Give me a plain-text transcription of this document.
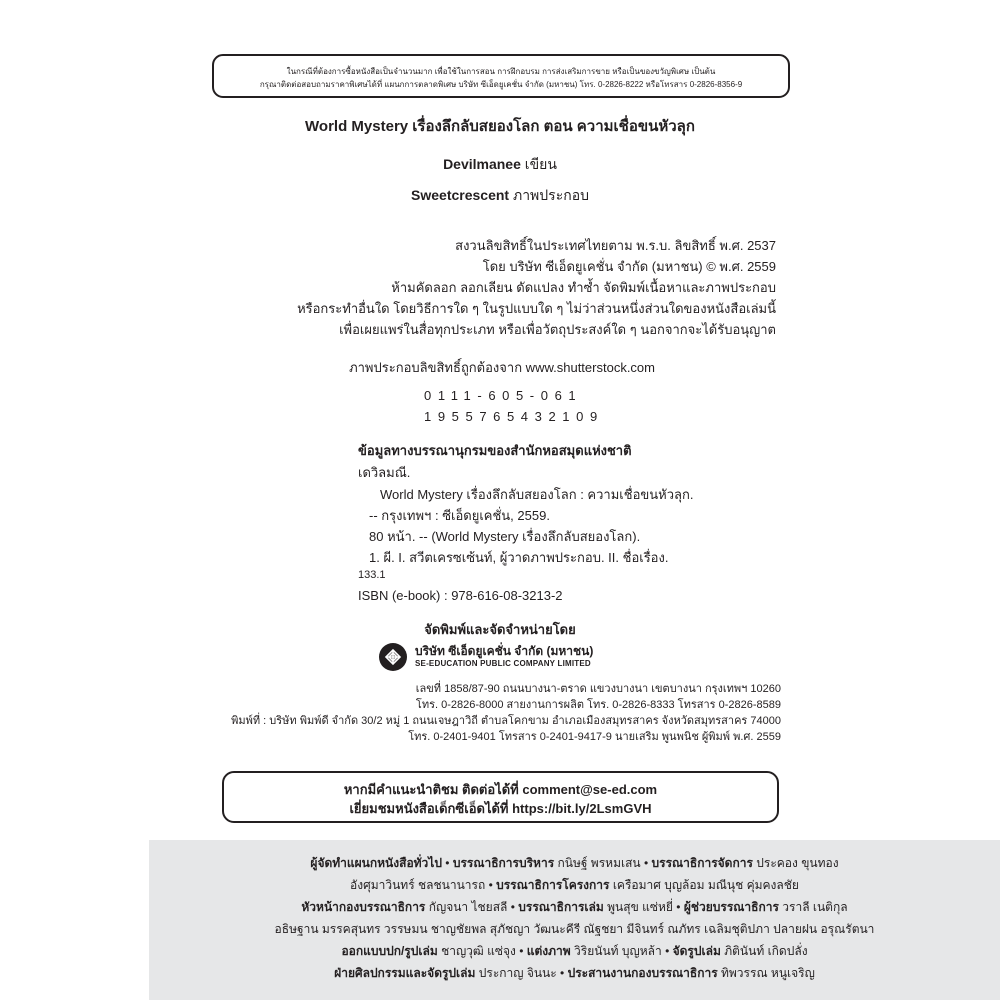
ในกรณีที่ต้องการซื้อหนังสือเป็นจำนวนมาก เพื่อใช้ในการสอน การฝึกอบรม การส่งเสริมการขาย หรือเป็นของขวัญพิเศษ เป็นต้น
กรุณาติดต่อสอบถามราคาพิเศษได้ที่ แผนกการตลาดพิเศษ บริษัท ซีเอ็ดยูเคชั่น จำกัด (มหาชน) โทร. 0-2826-8222 หรือโทรสาร 0-2826-8356-9
World Mystery เรื่องลึกลับสยองโลก ตอน ความเชื่อขนหัวลุก
Devilmanee เขียน
Sweetcrescent ภาพประกอบ
สงวนลิขสิทธิ์ในประเทศไทยตาม พ.ร.บ. ลิขสิทธิ์ พ.ศ. 2537
โดย บริษัท ซีเอ็ดยูเคชั่น จำกัด (มหาชน) © พ.ศ. 2559
ห้ามคัดลอก ลอกเลียน ดัดแปลง ทำซ้ำ จัดพิมพ์เนื้อหาและภาพประกอบ
หรือกระทำอื่นใด โดยวิธีการใด ๆ ในรูปแบบใด ๆ ไม่ว่าส่วนหนึ่งส่วนใดของหนังสือเล่มนี้
เพื่อเผยแพร่ในสื่อทุกประเภท หรือเพื่อวัตถุประสงค์ใด ๆ นอกจากจะได้รับอนุญาต
ภาพประกอบลิขสิทธิ์ถูกต้องจาก www.shutterstock.com
0111-605-061
1955765432109
ข้อมูลทางบรรณานุกรมของสำนักหอสมุดแห่งชาติ
เดวิลมณี.
World Mystery เรื่องลึกลับสยองโลก : ความเชื่อขนหัวลุก.
-- กรุงเทพฯ : ซีเอ็ดยูเคชั่น, 2559.
80 หน้า. -- (World Mystery เรื่องลึกลับสยองโลก).
1. ผี. I. สวีตเครซเซ้นท์, ผู้วาดภาพประกอบ. II. ชื่อเรื่อง.
133.1
ISBN (e-book) : 978-616-08-3213-2
จัดพิมพ์และจัดจำหน่ายโดย
บริษัท ซีเอ็ดยูเคชั่น จำกัด (มหาชน)
SE-EDUCATION PUBLIC COMPANY LIMITED
เลขที่ 1858/87-90 ถนนบางนา-ตราด แขวงบางนา เขตบางนา กรุงเทพฯ 10260
โทร. 0-2826-8000 สายงานการผลิต โทร. 0-2826-8333 โทรสาร 0-2826-8589
พิมพ์ที่ : บริษัท พิมพ์ดี จำกัด 30/2 หมู่ 1 ถนนเจษฎาวิถี ตำบลโคกขาม อำเภอเมืองสมุทรสาคร จังหวัดสมุทรสาคร 74000
โทร. 0-2401-9401 โทรสาร 0-2401-9417-9 นายเสริม พูนพนิช ผู้พิมพ์ พ.ศ. 2559
หากมีคำแนะนำติชม ติดต่อได้ที่ comment@se-ed.com
เยี่ยมชมหนังสือเด็กซีเอ็ดได้ที่ https://bit.ly/2LsmGVH
ผู้จัดทำแผนกหนังสือทั่วไป • บรรณาธิการบริหาร กนิษฐ์ พรหมเสน • บรรณาธิการจัดการ ประคอง ขุนทอง
อังศุมาวินทร์ ชลชนานารถ • บรรณาธิการโครงการ เครือมาศ บุญล้อม มณีนุช คุ่มคงลชัย
หัวหน้ากองบรรณาธิการ กัญจนา ไชยสลี • บรรณาธิการเล่ม พูนสุข แซ่หยี่ • ผู้ช่วยบรรณาธิการ วราลี เนติกุล
อธิษฐาน มรรคสุนทร วรรษมน ชาญชัยพล สุภัชญา วัฒนะคีรี ณัฐชยา มีจินทร์ ณภัทร เฉลิมชุติปภา ปลายฝน อรุณรัตนา
ออกแบบปก/รูปเล่ม ชาญวุฒิ แซ่จุง • แต่งภาพ วิริยนันท์ บุญหล้า • จัดรูปเล่ม ภิตินันท์ เกิดปลั่ง
ฝ่ายศิลปกรรมและจัดรูปเล่ม ประกาญ จินนะ • ประสานงานกองบรรณาธิการ ทิพวรรณ หนูเจริญ
